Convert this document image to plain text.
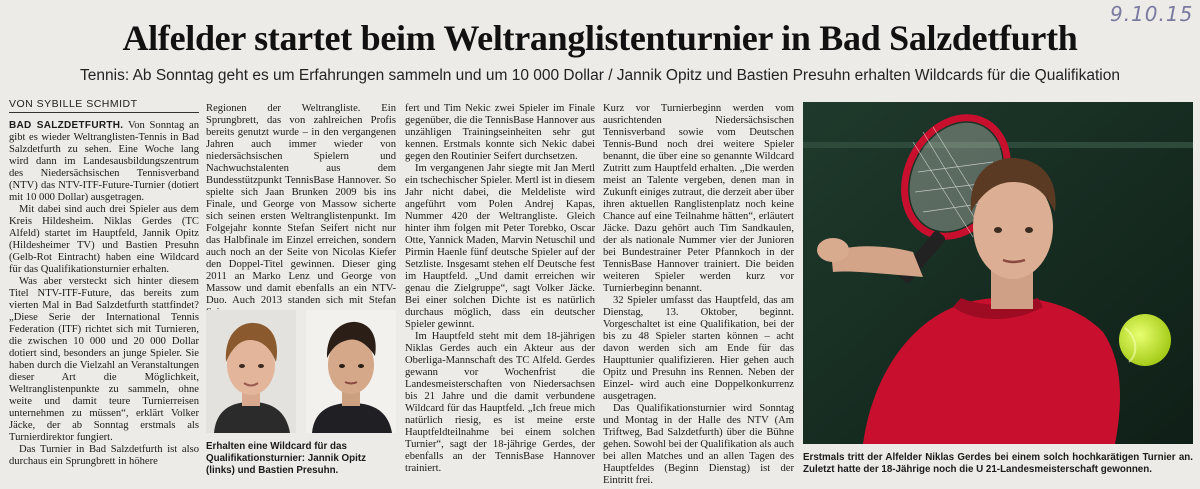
9.10.15
Alfelder startet beim Weltranglistenturnier in Bad Salzdetfurth
Tennis: Ab Sonntag geht es um Erfahrungen sammeln und um 10 000 Dollar / Jannik Opitz und Bastien Presuhn erhalten Wildcards für die Qualifikation
VON SYBILLE SCHMIDT

BAD SALZDETFURTH. Von Sonntag an gibt es wieder Weltranglisten-Tennis in Bad Salzdetfurth zu sehen. Eine Woche lang wird dann im Landesausbildungszentrum des Niedersächsischen Tennisverband (NTV) das NTV-ITF-Future-Turnier (dotiert mit 10 000 Dollar) ausgetragen.

Mit dabei sind auch drei Spieler aus dem Kreis Hildesheim. Niklas Gerdes (TC Alfeld) startet im Hauptfeld, Jannik Opitz (Hildesheimer TV) und Bastien Presuhn (Gelb-Rot Eintracht) haben eine Wildcard für das Qualifikationsturnier erhalten.

Was aber versteckt sich hinter diesem Titel NTV-ITF-Future, das bereits zum vierten Mal in Bad Salzdetfurth stattfindet? „Diese Serie der International Tennis Federation (ITF) richtet sich mit Turnieren, die zwischen 10 000 und 20 000 Dollar dotiert sind, besonders an junge Spieler. Sie haben durch die Vielzahl an Veranstaltungen dieser Art die Möglichkeit, Weltranglistenpunkte zu sammeln, ohne weite und damit teure Turnierreisen unternehmen zu müssen“, erklärt Volker Jäcke, der ab Sonntag erstmals als Turnierdirektor fungiert.

Das Turnier in Bad Salzdetfurth ist also durchaus ein Sprungbrett in höhere

Regionen der Weltrangliste. Ein Sprungbrett, das von zahlreichen Profis bereits genutzt wurde – in den vergangenen Jahren auch immer wieder von niedersächsischen Spielern und Nachwuchstalenten aus dem Bundesstützpunkt TennisBase Hannover. So spielte sich Jaan Brunken 2009 bis ins Finale, und George von Massow sicherte sich seinen ersten Weltranglistenpunkt. Im Folgejahr konnte Stefan Seifert nicht nur das Halbfinale im Einzel erreichen, sondern auch noch an der Seite von Nicolas Kiefer den Doppel-Titel gewinnen. Dieser ging 2011 an Marko Lenz und George von Massow und damit ebenfalls an ein NTV-Duo. Auch 2013 standen sich mit Stefan

Erhalten eine Wildcard für das Qualifikationsturnier: Jannik Opitz (links) und Bastien Presuhn.

fert und Tim Nekic zwei Spieler im Finale gegenüber, die die TennisBase Hannover aus unzähligen Trainingseinheiten sehr gut kennen. Erstmals konnte sich Nekic dabei gegen den Routinier Seifert durchsetzen.

Im vergangenen Jahr siegte mit Jan Mertl ein tschechischer Spieler. Mertl ist in diesem Jahr nicht dabei, die Meldeliste wird angeführt vom Polen Andrej Kapas, Nummer 420 der Weltrangliste. Gleich hinter ihm folgen mit Peter Torebko, Oscar Otte, Yannick Maden, Marvin Netuschil und Pirmin Haenle fünf deutsche Spieler auf der Setzliste. Insgesamt stehen elf Deutsche fest im Hauptfeld. „Und damit erreichen wir genau die Zielgruppe“, sagt Volker Jäcke. Bei einer solchen Dichte ist es natürlich durchaus möglich, dass ein deutscher Spieler gewinnt.

Im Hauptfeld steht mit dem 18-jährigen Niklas Gerdes auch ein Akteur aus der Oberliga-Mannschaft des TC Alfeld. Gerdes gewann vor Wochenfrist die Landesmeisterschaften von Niedersachsen bis 21 Jahre und die damit verbundene Wildcard für das Hauptfeld. „Ich freue mich natürlich riesig, es ist meine erste Hauptfeldteilnahme bei einem solchen Turnier“, sagt der 18-jährige Gerdes, der ebenfalls an der TennisBase Hannover trainiert.

Kurz vor Turnierbeginn werden vom ausrichtenden Niedersächsischen Tennisverband sowie vom Deutschen Tennis-Bund noch drei weitere Spieler benannt, die über eine so genannte Wildcard Zutritt zum Hauptfeld erhalten. „Die werden meist an Talente vergeben, denen man in Zukunft einiges zutraut, die derzeit aber über ihren aktuellen Ranglistenplatz noch keine Chance auf eine Teilnahme hätten“, erläutert Jäcke. Dazu gehört auch Tim Sandkaulen, der als nationale Nummer vier der Junioren bei Bundestrainer Peter Pfannkoch in der TennisBase Hannover trainiert. Die beiden weiteren Spieler werden kurz vor Turnierbeginn benannt.

32 Spieler umfasst das Hauptfeld, das am Dienstag, 13. Oktober, beginnt. Vorgeschaltet ist eine Qualifikation, bei der bis zu 48 Spieler starten können – acht davon werden sich am Ende für das Haupttunier qualifizieren. Hier gehen auch Opitz und Presuhn ins Rennen. Neben der Einzel- wird auch eine Doppelkonkurrenz ausgetragen.

Das Qualifikationsturnier wird Sonntag und Montag in der Halle des NTV (Am Triftweg, Bad Salzdetfurth) über die Bühne gehen. Sowohl bei der Qualifikation als auch bei allen Matches und an allen Tagen des Hauptfeldes (Beginn Dienstag) ist der Eintritt frei.

Erstmals tritt der Alfelder Niklas Gerdes bei einem solch hochkarätigen Turnier an. Zuletzt hatte der 18-Jährige noch die U 21-Landesmeisterschaft gewonnen.
